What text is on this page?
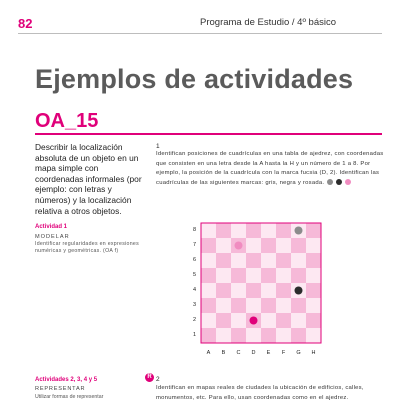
82	Programa de Estudio / 4º básico
Ejemplos de actividades
OA_15
Describir la localización absoluta de un objeto en un mapa simple con coordenadas informales (por ejemplo: con letras y números) y la localización relativa a otros objetos.
Actividad 1
MODELAR
Identificar regularidades en expresiones numéricas y geométricas. (OA f)
Actividades 2, 3, 4 y 5
REPRESENTAR
Utilizar formas de representar
1
Identifican posiciones de cuadrículas en una tabla de ajedrez, con coordenadas que consisten en una letra desde la A hasta la H y un número de 1 a 8. Por ejemplo, la posición de la cuadrícula con la marca fucsia (D, 2). Identifican las cuadrículas de las siguientes marcas: gris, negra y rosada.
8
7
6
5
4
3
2
1
A	B	C	D	E	F	G	H
R 2
Identifican en mapas reales de ciudades la ubicación de edificios, calles, monumentos, etc. Para ello, usan coordenadas como en el ajedrez.
